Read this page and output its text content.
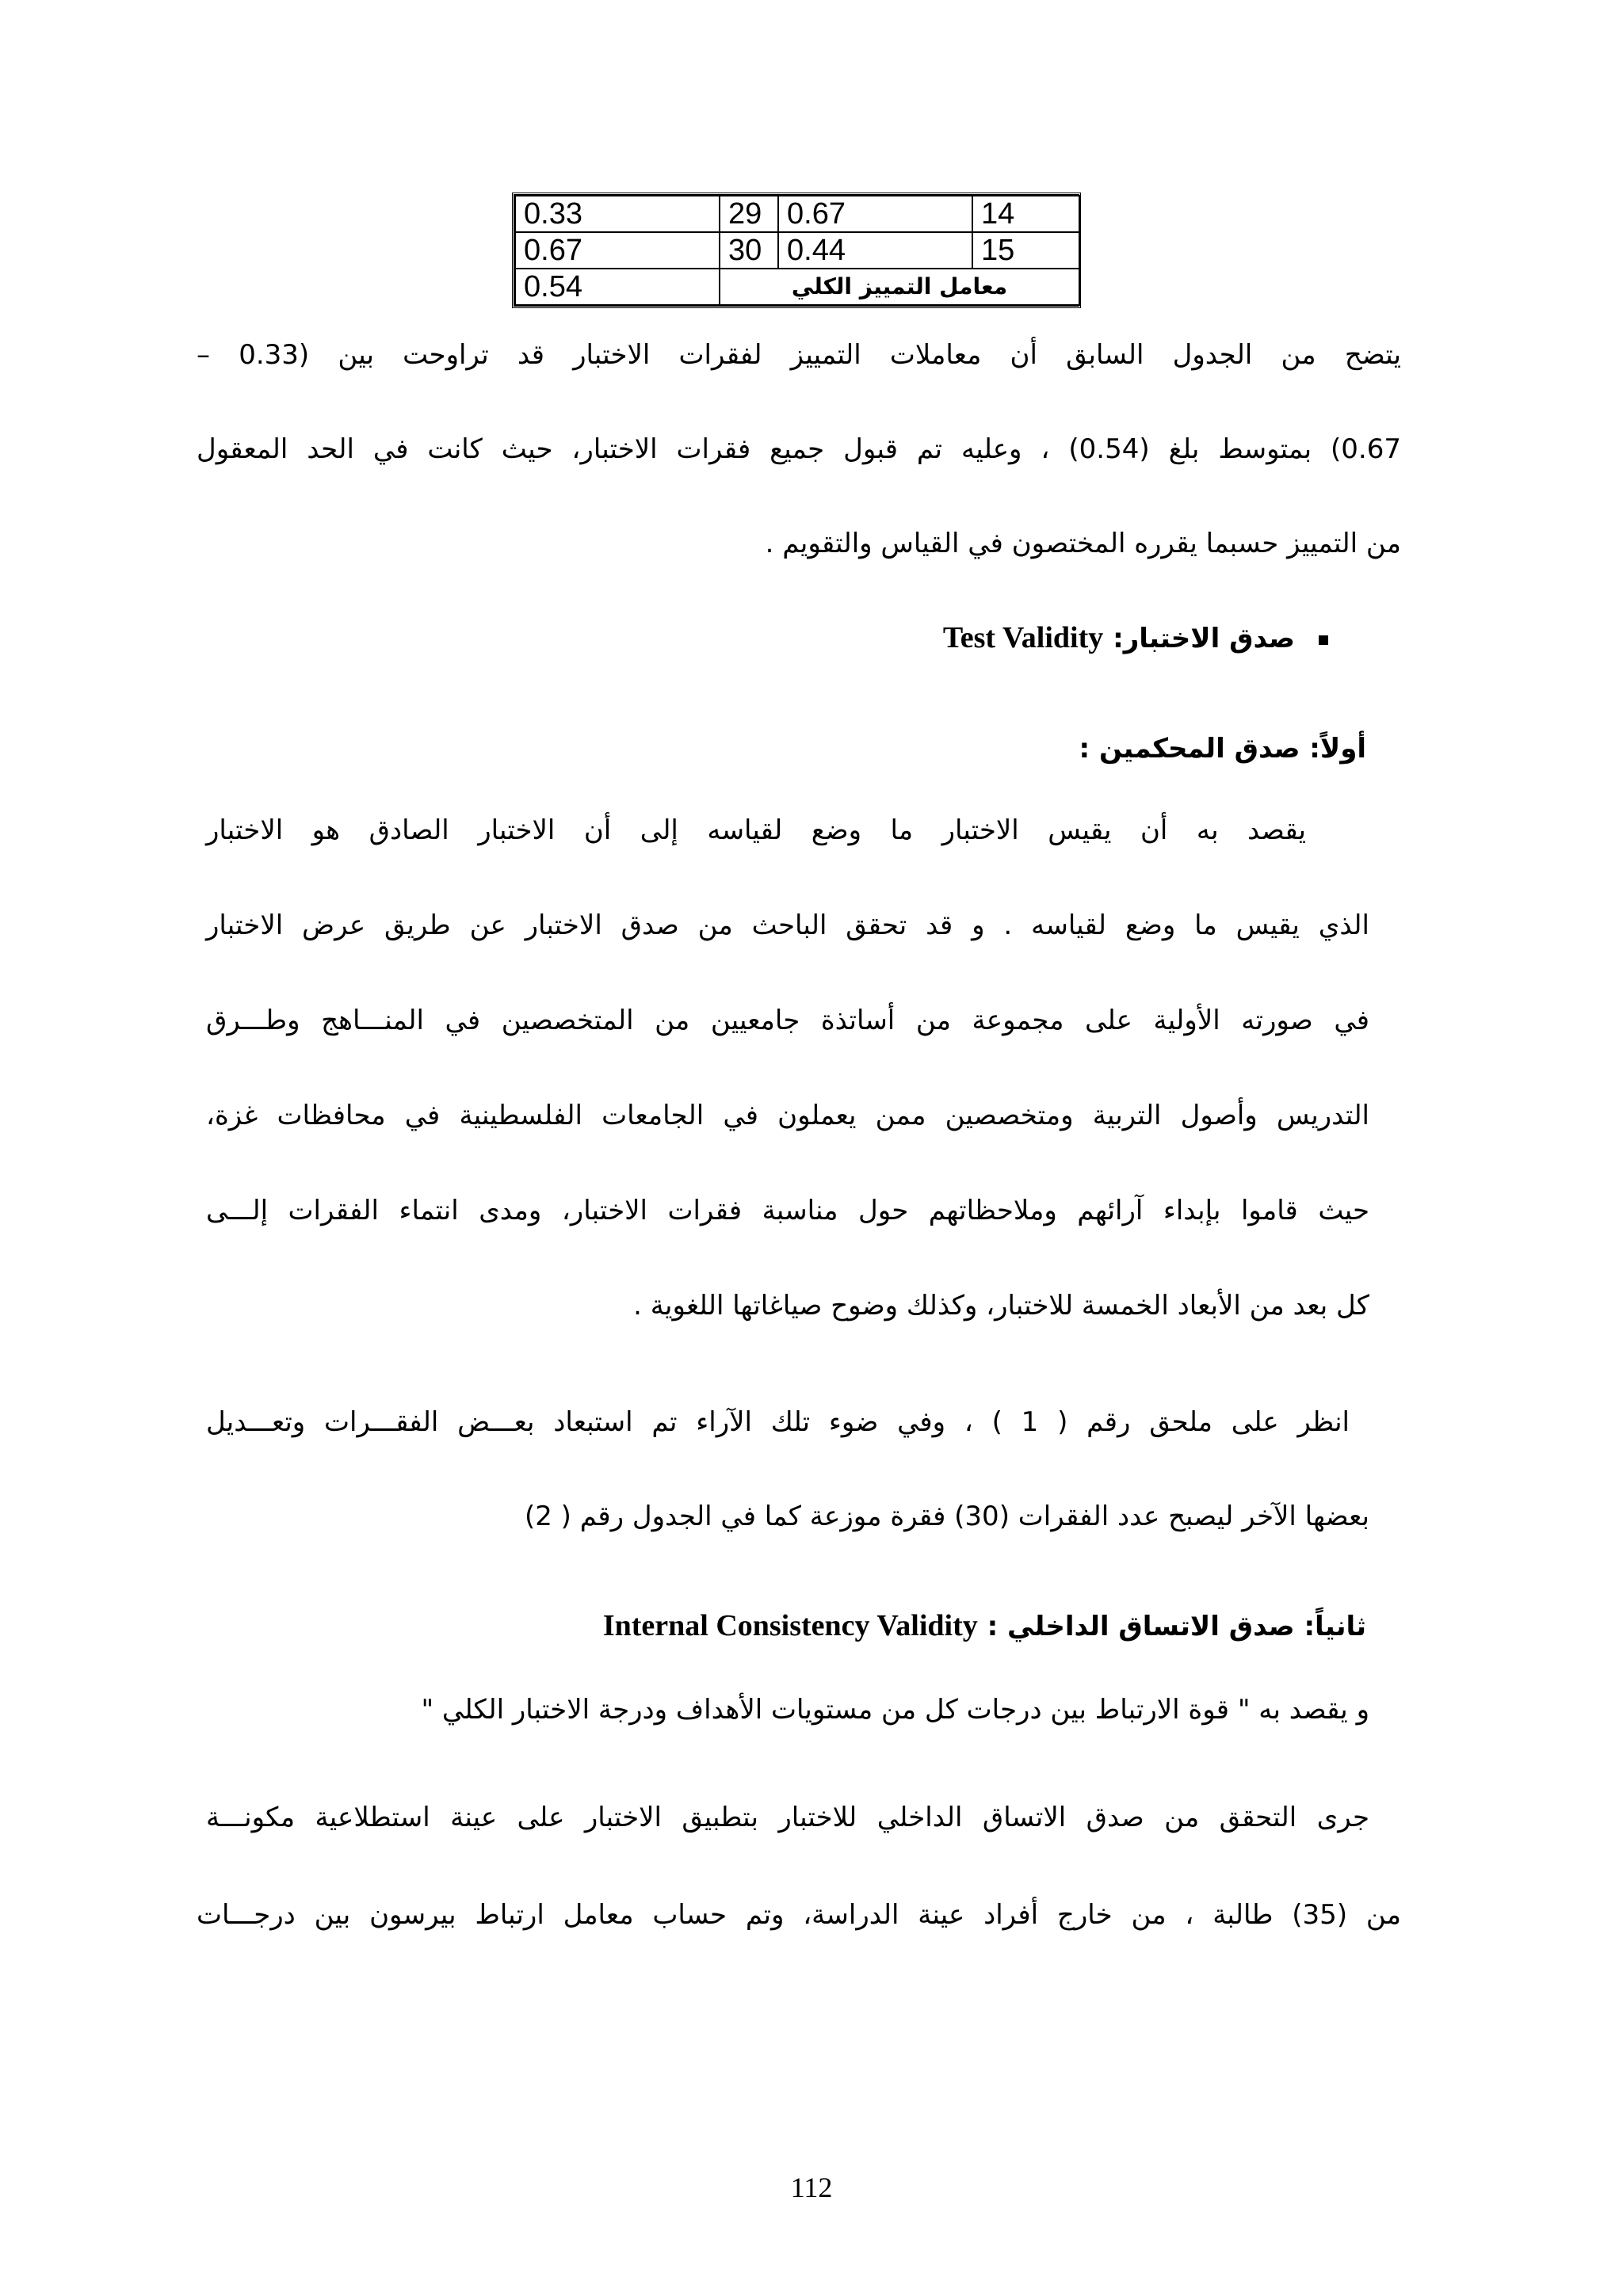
0.33	29	0.67	14
0.67	30	0.44	15
0.54	معامل التمييز الكلي		
يتضح من الجدول السابق أن معاملات التمييز لفقرات الاختبار قد تراوحت بين (0.33 –
0.67) بمتوسط بلغ (0.54) ، وعليه تم قبول جميع فقرات الاختبار، حيث كانت في الحد المعقول
من التمييز حسبما يقرره المختصون في القياس والتقويم .
صدق الاختبار: Test Validity
أولاً: صدق المحكمين :
يقصد به أن يقيس الاختبار ما وضع لقياسه إلى أن الاختبار الصادق هو الاختبار
الذي يقيس ما وضع لقياسه . و قد تحقق الباحث من صدق الاختبار عن طريق عرض الاختبار
في صورته الأولية على مجموعة من أساتذة جامعيين من المتخصصين في المنـــاهج وطـــرق
التدريس وأصول التربية ومتخصصين ممن يعملون في الجامعات الفلسطينية في محافظات غزة،
حيث قاموا بإبداء آرائهم وملاحظاتهم حول مناسبة فقرات الاختبار، ومدى انتماء الفقرات إلـــى
كل بعد من الأبعاد الخمسة للاختبار، وكذلك وضوح صياغاتها اللغوية .
انظر على ملحق رقم ( 1 ) ، وفي ضوء تلك الآراء تم استبعاد بعـــض الفقـــرات وتعـــديل
بعضها الآخر ليصبح عدد الفقرات (30) فقرة موزعة كما في الجدول رقم ( 2)
ثانياً: صدق الاتساق الداخلي : Internal Consistency Validity
و يقصد به " قوة الارتباط بين درجات كل من مستويات الأهداف ودرجة الاختبار الكلي "
جرى التحقق من صدق الاتساق الداخلي للاختبار بتطبيق الاختبار على عينة استطلاعية مكونـــة
من (35) طالبة ، من خارج أفراد عينة الدراسة، وتم حساب معامل ارتباط بيرسون بين درجـــات
112
